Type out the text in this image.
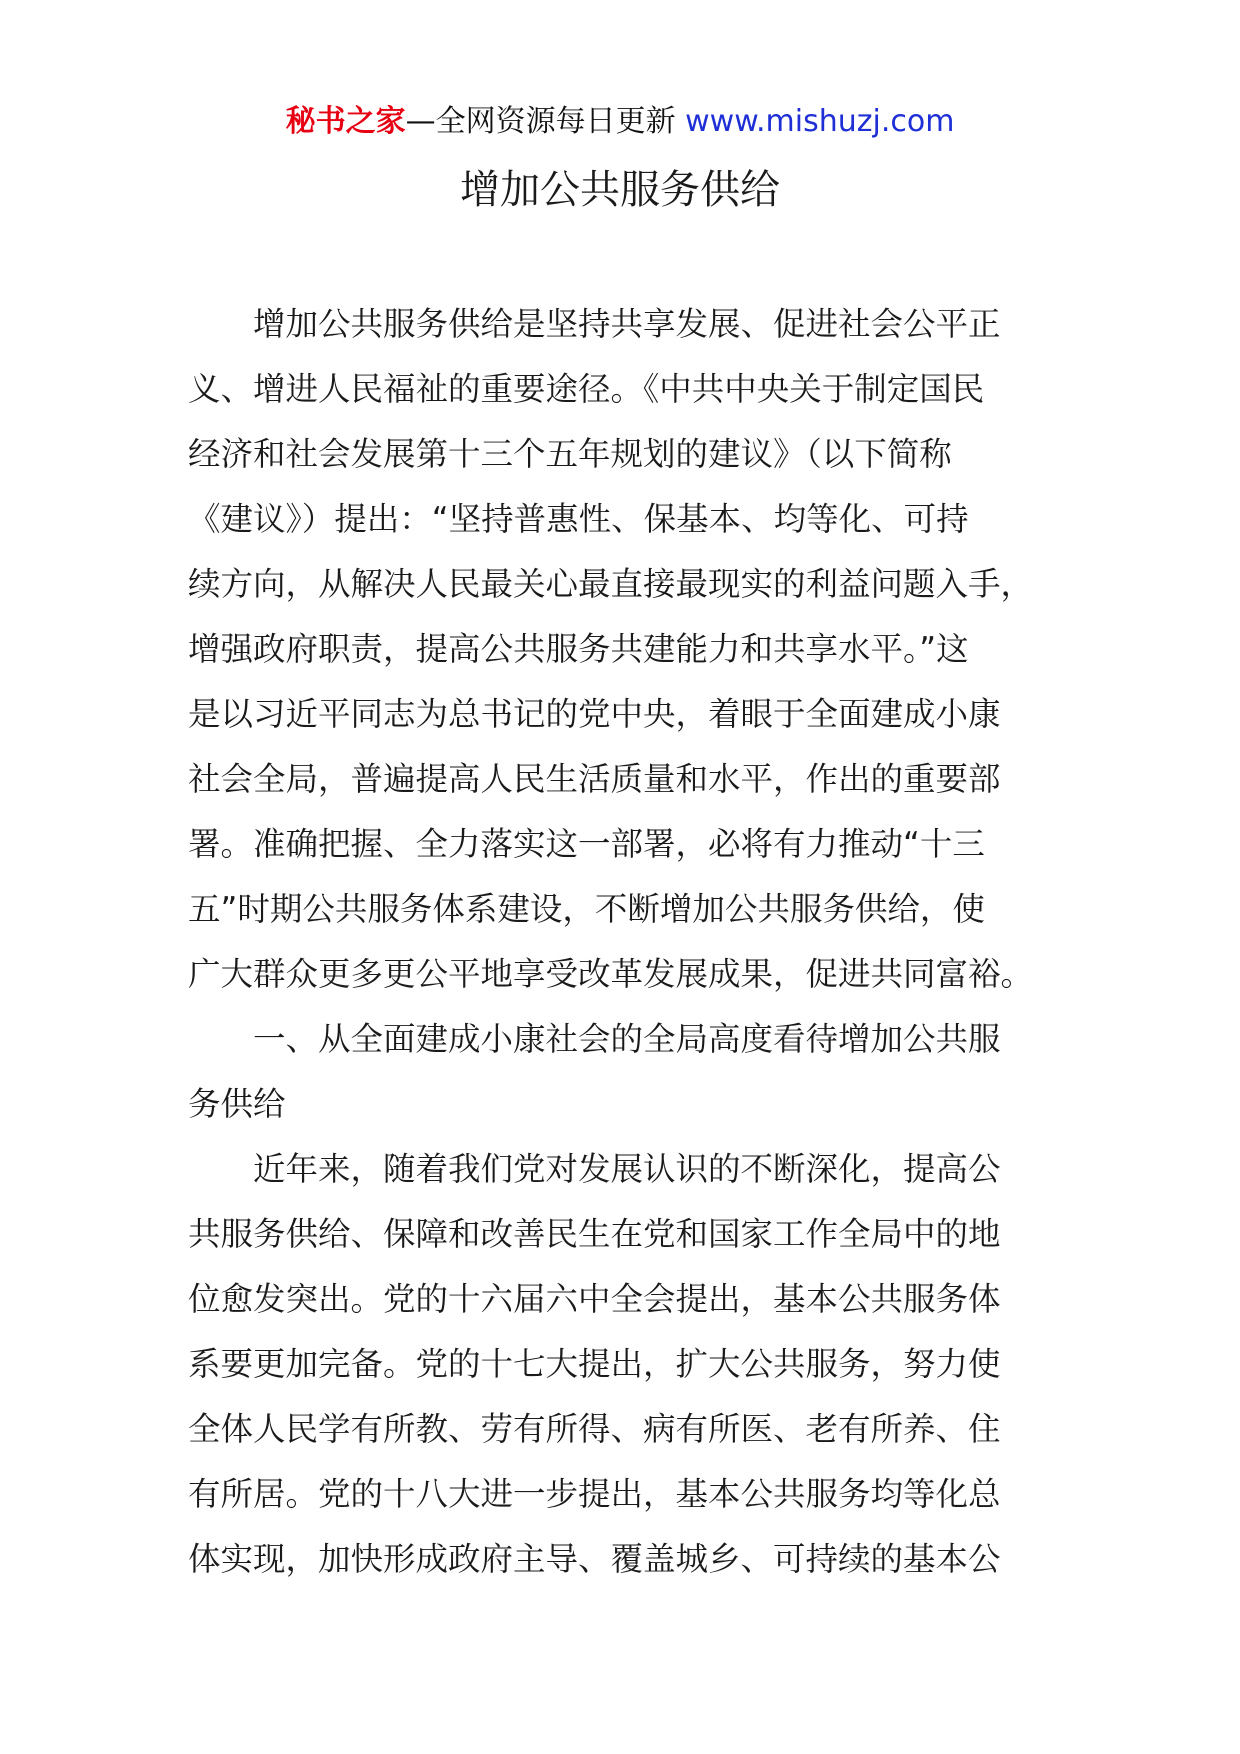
秘书之家—全网资源每日更新 www.mishuzj.com
增加公共服务供给
　　增加公共服务供给是坚持共享发展、促进社会公平正
义、增进人民福祉的重要途径。《中共中央关于制定国民
经济和社会发展第十三个五年规划的建议》（以下简称
《建议》）提出：“坚持普惠性、保基本、均等化、可持
续方向，从解决人民最关心最直接最现实的利益问题入手，
增强政府职责，提高公共服务共建能力和共享水平。”这
是以习近平同志为总书记的党中央，着眼于全面建成小康
社会全局，普遍提高人民生活质量和水平，作出的重要部
署。准确把握、全力落实这一部署，必将有力推动“十三
五”时期公共服务体系建设，不断增加公共服务供给，使
广大群众更多更公平地享受改革发展成果，促进共同富裕。
　　一、从全面建成小康社会的全局高度看待增加公共服
务供给
　　近年来，随着我们党对发展认识的不断深化，提高公
共服务供给、保障和改善民生在党和国家工作全局中的地
位愈发突出。党的十六届六中全会提出，基本公共服务体
系要更加完备。党的十七大提出，扩大公共服务，努力使
全体人民学有所教、劳有所得、病有所医、老有所养、住
有所居。党的十八大进一步提出，基本公共服务均等化总
体实现，加快形成政府主导、覆盖城乡、可持续的基本公
